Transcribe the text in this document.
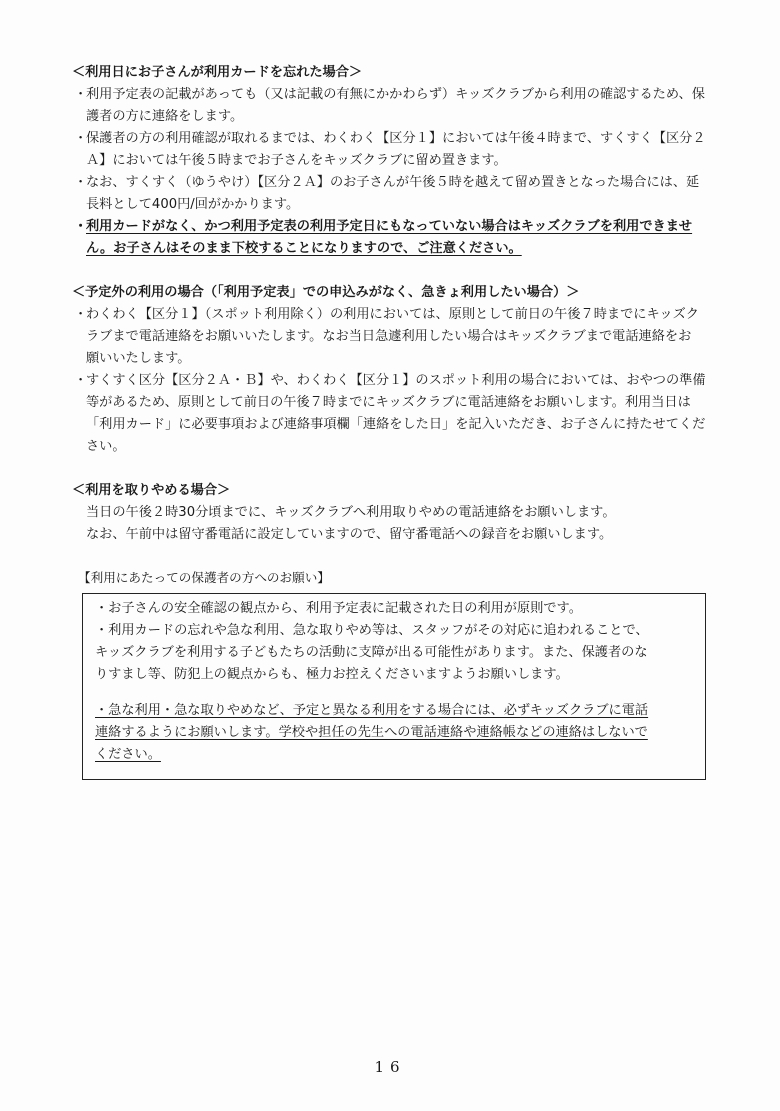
＜利用日にお子さんが利用カードを忘れた場合＞

・

利用予定表の記載があっても（又は記載の有無にかかわらず）キッズクラブから利用の確認するため、保

護者の方に連絡をします。

・

保護者の方の利用確認が取れるまでは、わくわく【区分１】においては午後４時まで、すくすく【区分２

Ａ】においては午後５時までお子さんをキッズクラブに留め置きます。

・

なお、すくすく（ゆうやけ）【区分２Ａ】のお子さんが午後５時を越えて留め置きとなった場合には、延

長料として400円/回がかかります。

・

利用カードがなく、かつ利用予定表の利用予定日にもなっていない場合はキッズクラブを利用できませ

ん。お子さんはそのまま下校することになりますので、ご注意ください。

＜予定外の利用の場合（「利用予定表」での申込みがなく、急きょ利用したい場合）＞

・

わくわく【区分１】（スポット利用除く）の利用においては、原則として前日の午後７時までにキッズク

ラブまで電話連絡をお願いいたします。なお当日急遽利用したい場合はキッズクラブまで電話連絡をお

願いいたします。

・

すくすく区分【区分２Ａ・Ｂ】や、わくわく【区分１】のスポット利用の場合においては、おやつの準備

等があるため、原則として前日の午後７時までにキッズクラブに電話連絡をお願いします。利用当日は

「利用カード」に必要事項および連絡事項欄「連絡をした日」を記入いただき、お子さんに持たせてくだ

さい。

＜利用を取りやめる場合＞

当日の午後２時30分頃までに、キッズクラブへ利用取りやめの電話連絡をお願いします。

なお、午前中は留守番電話に設定していますので、留守番電話への録音をお願いします。

【利用にあたっての保護者の方へのお願い】

・お子さんの安全確認の観点から、利用予定表に記載された日の利用が原則です。

・利用カードの忘れや急な利用、急な取りやめ等は、スタッフがその対応に追われることで、

キッズクラブを利用する子どもたちの活動に支障が出る可能性があります。また、保護者のな

りすまし等、防犯上の観点からも、極力お控えくださいますようお願いします。

・急な利用・急な取りやめなど、予定と異なる利用をする場合には、必ずキッズクラブに電話

連絡するようにお願いします。学校や担任の先生への電話連絡や連絡帳などの連絡はしないで

ください。

16
